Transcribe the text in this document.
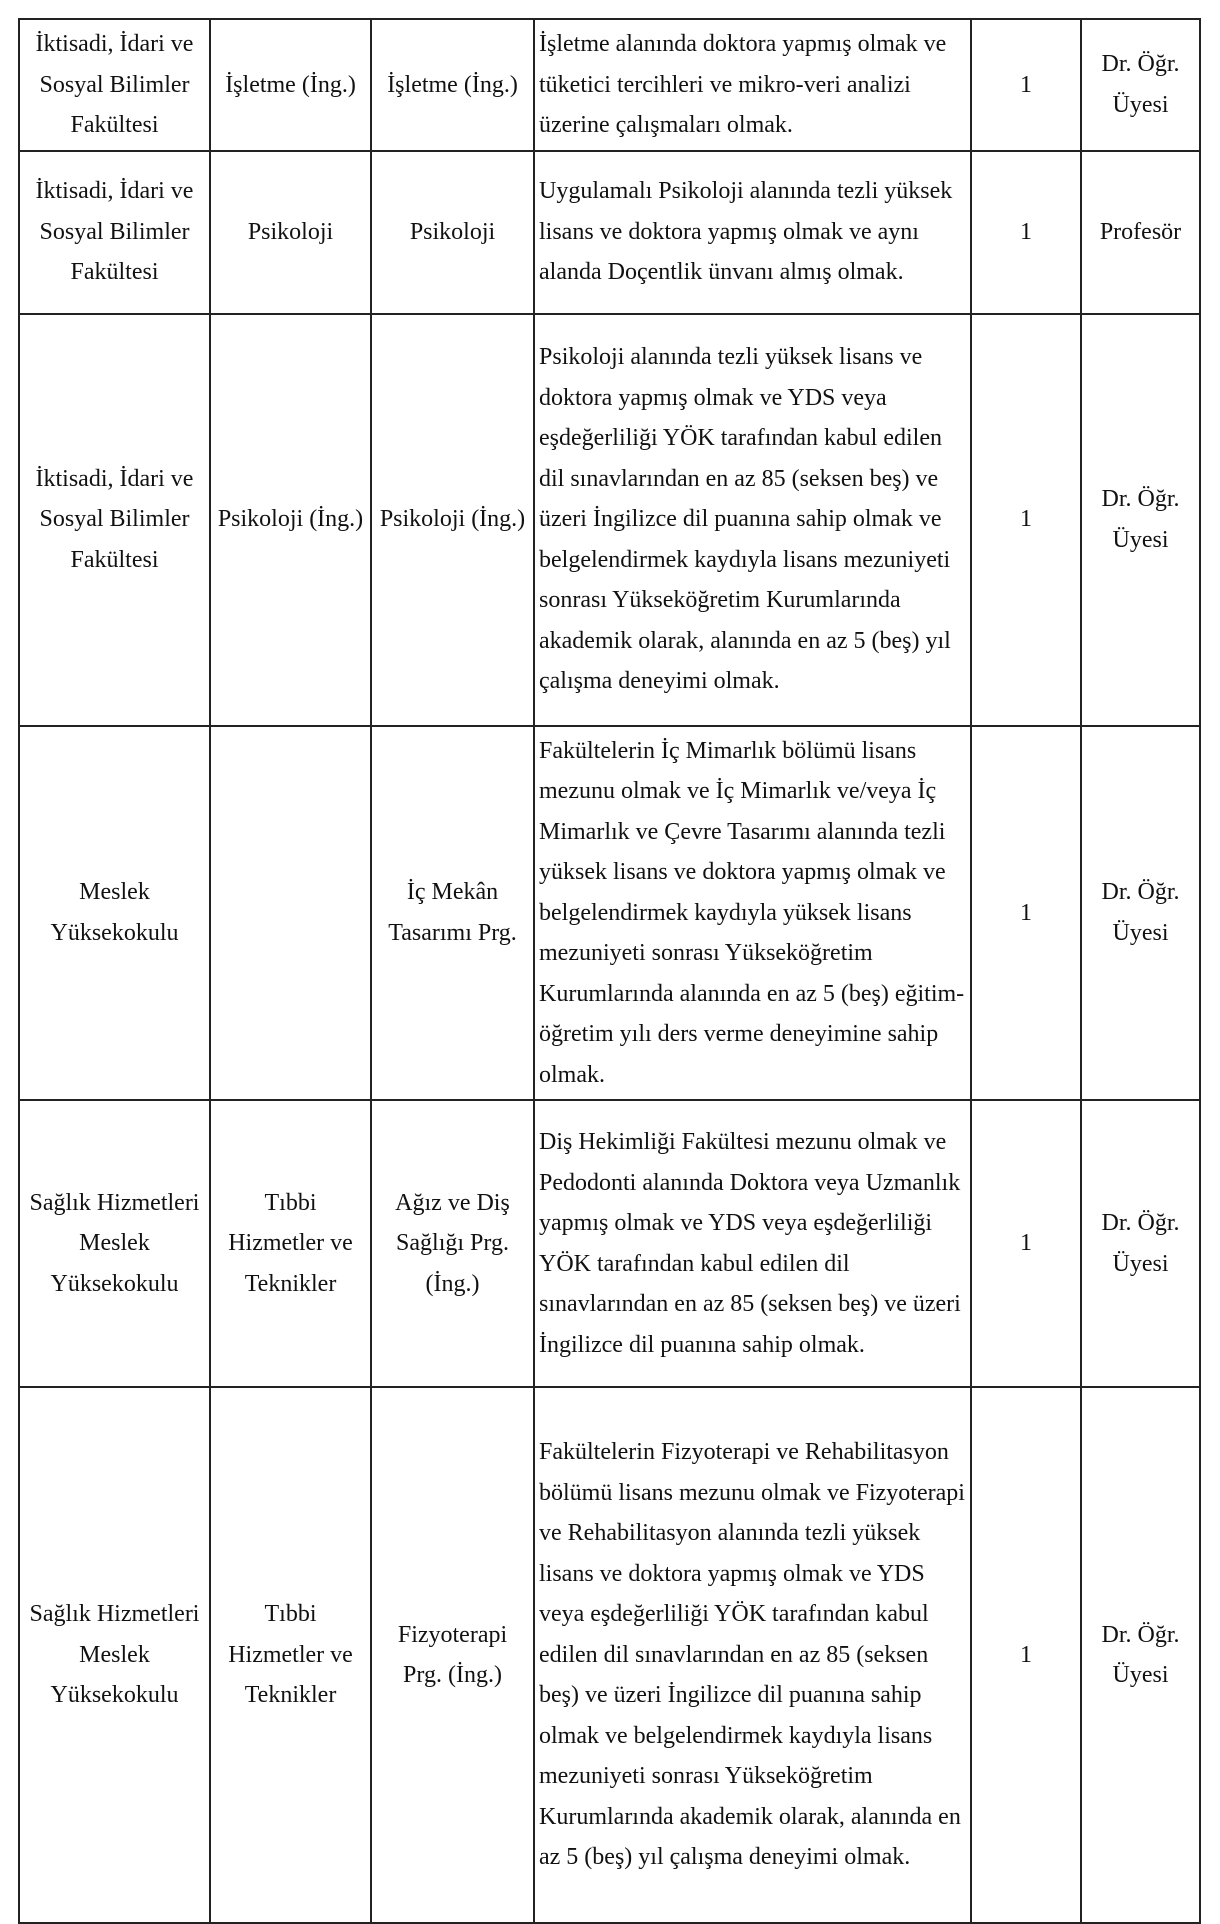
İktisadi, İdari ve Sosyal Bilimler Fakültesi	İşletme (İng.)	İşletme (İng.)	İşletme alanında doktora yapmış olmak ve tüketici tercihleri ve mikro-veri analizi üzerine çalışmaları olmak.	1	Dr. Öğr. Üyesi
İktisadi, İdari ve Sosyal Bilimler Fakültesi	Psikoloji	Psikoloji	Uygulamalı Psikoloji alanında tezli yüksek lisans ve doktora yapmış olmak ve aynı alanda Doçentlik ünvanı almış olmak.	1	Profesör
İktisadi, İdari ve Sosyal Bilimler Fakültesi	Psikoloji (İng.)	Psikoloji (İng.)	Psikoloji alanında tezli yüksek lisans ve doktora yapmış olmak ve YDS veya eşdeğerliliği YÖK tarafından kabul edilen dil sınavlarından en az 85 (seksen beş) ve üzeri İngilizce dil puanına sahip olmak ve belgelendirmek kaydıyla lisans mezuniyeti sonrası Yükseköğretim Kurumlarında akademik olarak, alanında en az 5 (beş) yıl çalışma deneyimi olmak.	1	Dr. Öğr. Üyesi
Meslek Yüksekokulu		İç Mekân Tasarımı Prg.	Fakültelerin İç Mimarlık bölümü lisans mezunu olmak ve İç Mimarlık ve/veya İç Mimarlık ve Çevre Tasarımı alanında tezli yüksek lisans ve doktora yapmış olmak ve belgelendirmek kaydıyla yüksek lisans mezuniyeti sonrası Yükseköğretim Kurumlarında alanında en az 5 (beş) eğitim-öğretim yılı ders verme deneyimine sahip olmak.	1	Dr. Öğr. Üyesi
Sağlık Hizmetleri Meslek Yüksekokulu	Tıbbi Hizmetler ve Teknikler	Ağız ve Diş Sağlığı Prg. (İng.)	Diş Hekimliği Fakültesi mezunu olmak ve Pedodonti alanında Doktora veya Uzmanlık yapmış olmak ve YDS veya eşdeğerliliği YÖK tarafından kabul edilen dil sınavlarından en az 85 (seksen beş) ve üzeri İngilizce dil puanına sahip olmak.	1	Dr. Öğr. Üyesi
Sağlık Hizmetleri Meslek Yüksekokulu	Tıbbi Hizmetler ve Teknikler	Fizyoterapi Prg. (İng.)	Fakültelerin Fizyoterapi ve Rehabilitasyon bölümü lisans mezunu olmak ve Fizyoterapi ve Rehabilitasyon alanında tezli yüksek lisans ve doktora yapmış olmak ve YDS veya eşdeğerliliği YÖK tarafından kabul edilen dil sınavlarından en az 85 (seksen beş) ve üzeri İngilizce dil puanına sahip olmak ve belgelendirmek kaydıyla lisans mezuniyeti sonrası Yükseköğretim Kurumlarında akademik olarak, alanında en az 5 (beş) yıl çalışma deneyimi olmak.	1	Dr. Öğr. Üyesi
